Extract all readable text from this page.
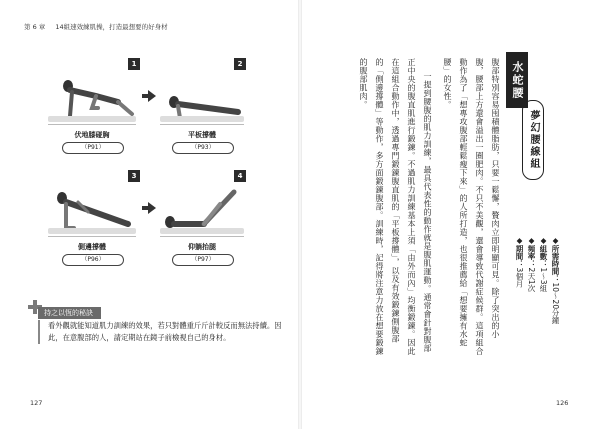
第 6 章 14組速效練肌操，打造最想要的好身材
1
伏地膝碰胸
（P91）
2
平板撐體
（P93）
3
側邊撐體
（P96）
4
仰躺抬腿
（P97）
持之以恆的秘訣
看外觀就能知道肌力訓練的效果，若只對體重斤斤計較反而無法持續。因此，在意腹部的人，請定期站在鏡子前檢視自己的身材。
127
水蛇腰
夢幻腰線組
◆所需時間：10～20分鐘
◆組數：1～3組
◆頻率：2天1次
◆期間：3個月
腹部特別容易囤積體脂肪，只要一鬆懈，贅肉立即明顯可見。除了突出的小
腹，腰部上方還會溢出一圈肥肉。不只不美觀，還會導致代謝症候群。這項組合
動作為了「想專攻腹部輕鬆瘦下來」的人所打造，也很推薦給「想要擁有水蛇
腰」的女性。
一提到腰腹的肌力訓練，最具代表性的動作就是腹肌運動。通常會針對腹部
正中央的腹直肌進行鍛鍊。不過肌力訓練基本上須「由外而內」均衡鍛鍊。因此
在這組合動作中，透過專門鍛鍊腹直肌的「平板撐體」，以及有效鍛鍊側腹部
的「側邊撐體」等動作，多方面鍛鍊腹部。訓練時，記得將注意力放在想要鍛鍊
的腹部肌肉。
126
